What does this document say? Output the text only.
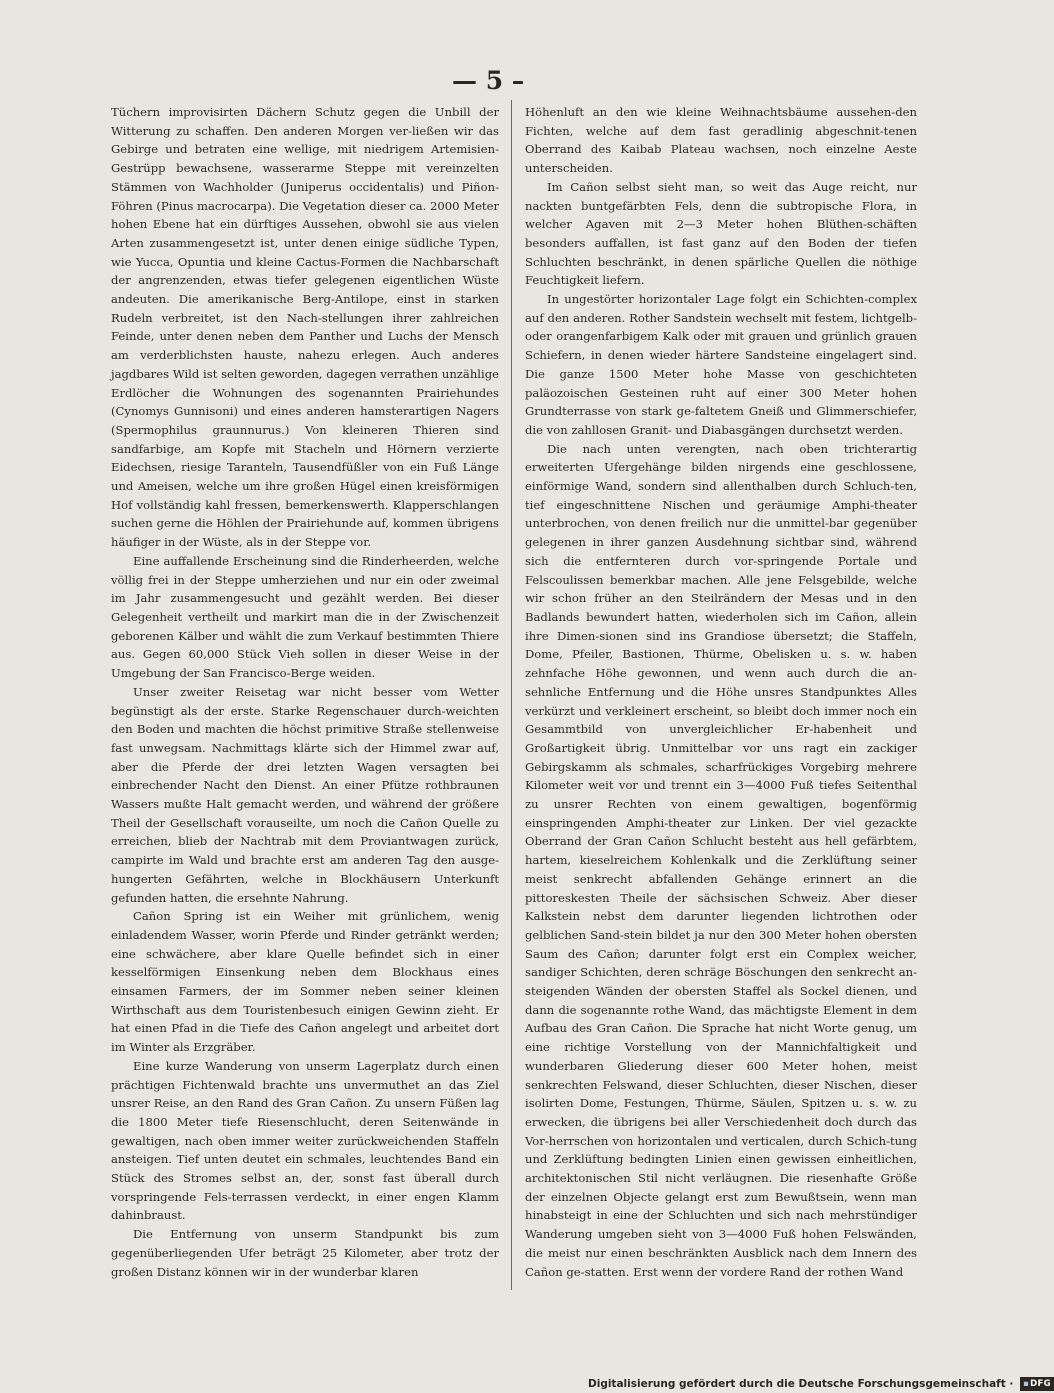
— 5 –

Tüchern improvisirten Dächern Schutz gegen die Unbill der Witterung zu schaffen. Den anderen Morgen ver-ließen wir das Gebirge und betraten eine wellige, mit niedrigem Artemisien-Gestrüpp bewachsene, wasserarme Steppe mit vereinzelten Stämmen von Wachholder (Juniperus occidentalis) und Piñon-Föhren (Pinus macrocarpa). Die Vegetation dieser ca. 2000 Meter hohen Ebene hat ein dürftiges Aussehen, obwohl sie aus vielen Arten zusammengesetzt ist, unter denen einige südliche Typen, wie Yucca, Opuntia und kleine Cactus-Formen die Nachbarschaft der angrenzenden, etwas tiefer gelegenen eigentlichen Wüste andeuten. Die amerikanische Berg-Antilope, einst in starken Rudeln verbreitet, ist den Nach-stellungen ihrer zahlreichen Feinde, unter denen neben dem Panther und Luchs der Mensch am verderblichsten hauste, nahezu erlegen. Auch anderes jagdbares Wild ist selten geworden, dagegen verrathen unzählige Erdlöcher die Wohnungen des sogenannten Prairiehundes (Cynomys Gunnisoni) und eines anderen hamsterartigen Nagers (Spermophilus graunnurus.) Von kleineren Thieren sind sandfarbige, am Kopfe mit Stacheln und Hörnern verzierte Eidechsen, riesige Taranteln, Tausendfüßler von ein Fuß Länge und Ameisen, welche um ihre großen Hügel einen kreisförmigen Hof vollständig kahl fressen, bemerkenswerth. Klapperschlangen suchen gerne die Höhlen der Prairiehunde auf, kommen übrigens häufiger in der Wüste, als in der Steppe vor.

Eine auffallende Erscheinung sind die Rinderheerden, welche völlig frei in der Steppe umherziehen und nur ein oder zweimal im Jahr zusammengesucht und gezählt werden. Bei dieser Gelegenheit vertheilt und markirt man die in der Zwischenzeit geborenen Kälber und wählt die zum Verkauf bestimmten Thiere aus. Gegen 60,000 Stück Vieh sollen in dieser Weise in der Umgebung der San Francisco-Berge weiden.

Unser zweiter Reisetag war nicht besser vom Wetter begünstigt als der erste. Starke Regenschauer durch-weichten den Boden und machten die höchst primitive Straße stellenweise fast unwegsam. Nachmittags klärte sich der Himmel zwar auf, aber die Pferde der drei letzten Wagen versagten bei einbrechender Nacht den Dienst. An einer Pfütze rothbraunen Wassers mußte Halt gemacht werden, und während der größere Theil der Gesellschaft vorauseilte, um noch die Cañon Quelle zu erreichen, blieb der Nachtrab mit dem Proviantwagen zurück, campirte im Wald und brachte erst am anderen Tag den ausge-hungerten Gefährten, welche in Blockhäusern Unterkunft gefunden hatten, die ersehnte Nahrung.

Cañon Spring ist ein Weiher mit grünlichem, wenig einladendem Wasser, worin Pferde und Rinder getränkt werden; eine schwächere, aber klare Quelle befindet sich in einer kesselförmigen Einsenkung neben dem Blockhaus eines einsamen Farmers, der im Sommer neben seiner kleinen Wirthschaft aus dem Touristenbesuch einigen Gewinn zieht. Er hat einen Pfad in die Tiefe des Cañon angelegt und arbeitet dort im Winter als Erzgräber.

Eine kurze Wanderung von unserm Lagerplatz durch einen prächtigen Fichtenwald brachte uns unvermuthet an das Ziel unsrer Reise, an den Rand des Gran Cañon. Zu unsern Füßen lag die 1800 Meter tiefe Riesenschlucht, deren Seitenwände in gewaltigen, nach oben immer weiter zurückweichenden Staffeln ansteigen. Tief unten deutet ein schmales, leuchtendes Band ein Stück des Stromes selbst an, der, sonst fast überall durch vorspringende Fels-terrassen verdeckt, in einer engen Klamm dahinbraust.

Die Entfernung von unserm Standpunkt bis zum gegenüberliegenden Ufer beträgt 25 Kilometer, aber trotz der großen Distanz können wir in der wunderbar klaren

Höhenluft an den wie kleine Weihnachtsbäume aussehen-den Fichten, welche auf dem fast geradlinig abgeschnit-tenen Oberrand des Kaibab Plateau wachsen, noch einzelne Aeste unterscheiden.

Im Cañon selbst sieht man, so weit das Auge reicht, nur nackten buntgefärbten Fels, denn die subtropische Flora, in welcher Agaven mit 2—3 Meter hohen Blüthen-schäften besonders auffallen, ist fast ganz auf den Boden der tiefen Schluchten beschränkt, in denen spärliche Quellen die nöthige Feuchtigkeit liefern.

In ungestörter horizontaler Lage folgt ein Schichten-complex auf den anderen. Rother Sandstein wechselt mit festem, lichtgelb- oder orangenfarbigem Kalk oder mit grauen und grünlich grauen Schiefern, in denen wieder härtere Sandsteine eingelagert sind. Die ganze 1500 Meter hohe Masse von geschichteten paläozoischen Gesteinen ruht auf einer 300 Meter hohen Grundterrasse von stark ge-faltetem Gneiß und Glimmerschiefer, die von zahllosen Granit- und Diabasgängen durchsetzt werden.

Die nach unten verengten, nach oben trichterartig erweiterten Ufergehänge bilden nirgends eine geschlossene, einförmige Wand, sondern sind allenthalben durch Schluch-ten, tief eingeschnittene Nischen und geräumige Amphi-theater unterbrochen, von denen freilich nur die unmittel-bar gegenüber gelegenen in ihrer ganzen Ausdehnung sichtbar sind, während sich die entfernteren durch vor-springende Portale und Felscoulissen bemerkbar machen. Alle jene Felsgebilde, welche wir schon früher an den Steilrändern der Mesas und in den Badlands bewundert hatten, wiederholen sich im Cañon, allein ihre Dimen-sionen sind ins Grandiose übersetzt; die Staffeln, Dome, Pfeiler, Bastionen, Thürme, Obelisken u. s. w. haben zehnfache Höhe gewonnen, und wenn auch durch die an-sehnliche Entfernung und die Höhe unsres Standpunktes Alles verkürzt und verkleinert erscheint, so bleibt doch immer noch ein Gesammtbild von unvergleichlicher Er-habenheit und Großartigkeit übrig. Unmittelbar vor uns ragt ein zackiger Gebirgskamm als schmales, scharfrückiges Vorgebirg mehrere Kilometer weit vor und trennt ein 3—4000 Fuß tiefes Seitenthal zu unsrer Rechten von einem gewaltigen, bogenförmig einspringenden Amphi-theater zur Linken. Der viel gezackte Oberrand der Gran Cañon Schlucht besteht aus hell gefärbtem, hartem, kieselreichem Kohlenkalk und die Zerklüftung seiner meist senkrecht abfallenden Gehänge erinnert an die pittoreskesten Theile der sächsischen Schweiz. Aber dieser Kalkstein nebst dem darunter liegenden lichtrothen oder gelblichen Sand-stein bildet ja nur den 300 Meter hohen obersten Saum des Cañon; darunter folgt erst ein Complex weicher, sandiger Schichten, deren schräge Böschungen den senkrecht an-steigenden Wänden der obersten Staffel als Sockel dienen, und dann die sogenannte rothe Wand, das mächtigste Element in dem Aufbau des Gran Cañon. Die Sprache hat nicht Worte genug, um eine richtige Vorstellung von der Mannichfaltigkeit und wunderbaren Gliederung dieser 600 Meter hohen, meist senkrechten Felswand, dieser Schluchten, dieser Nischen, dieser isolirten Dome, Festungen, Thürme, Säulen, Spitzen u. s. w. zu erwecken, die übrigens bei aller Verschiedenheit doch durch das Vor-herrschen von horizontalen und verticalen, durch Schich-tung und Zerklüftung bedingten Linien einen gewissen einheitlichen, architektonischen Stil nicht verläugnen. Die riesenhafte Größe der einzelnen Objecte gelangt erst zum Bewußtsein, wenn man hinabsteigt in eine der Schluchten und sich nach mehrstündiger Wanderung umgeben sieht von 3—4000 Fuß hohen Felswänden, die meist nur einen beschränkten Ausblick nach dem Innern des Cañon ge-statten. Erst wenn der vordere Rand der rothen Wand

Digitalisierung gefördert durch die Deutsche Forschungsgemeinschaft · ▪DFG
